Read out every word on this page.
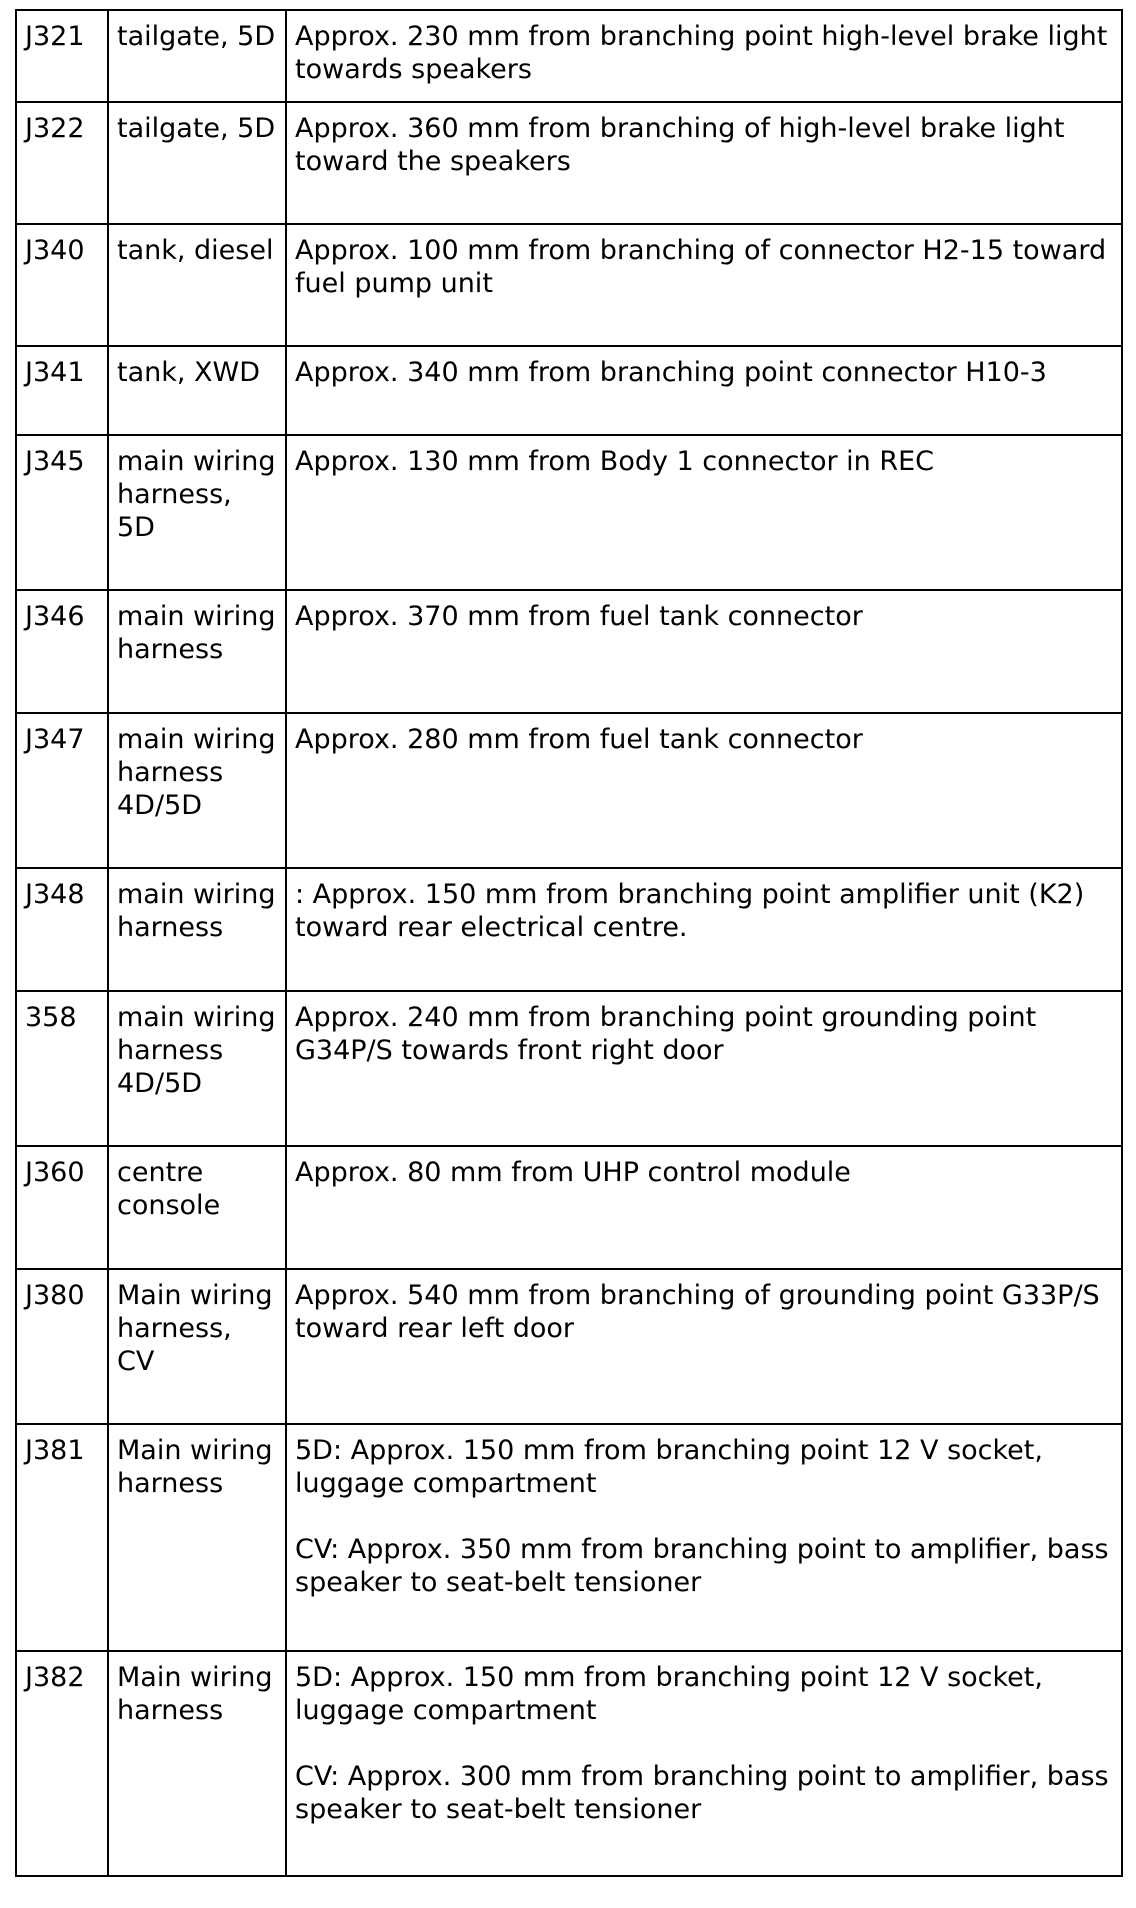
J321	tailgate, 5D	Approx. 230 mm from branching point high-level brake light towards speakers

J322	tailgate, 5D	Approx. 360 mm from branching of high-level brake light toward the speakers

J340	tank, diesel	Approx. 100 mm from branching of connector H2-15 toward fuel pump unit

J341	tank, XWD	Approx. 340 mm from branching point connector H10-3

J345	main wiring harness, 5D	Approx. 130 mm from Body 1 connector in REC

J346	main wiring harness	Approx. 370 mm from fuel tank connector

J347	main wiring harness 4D/5D	Approx. 280 mm from fuel tank connector

J348	main wiring harness	: Approx. 150 mm from branching point amplifier unit (K2) toward rear electrical centre.

358	main wiring harness 4D/5D	Approx. 240 mm from branching point grounding point G34P/S towards front right door

J360	centre console	Approx. 80 mm from UHP control module

J380	Main wiring harness, CV	Approx. 540 mm from branching of grounding point G33P/S toward rear left door

J381	Main wiring harness	5D: Approx. 150 mm from branching point 12 V socket, luggage compartment
CV: Approx. 350 mm from branching point to amplifier, bass speaker to seat-belt tensioner

J382	Main wiring harness	5D: Approx. 150 mm from branching point 12 V socket, luggage compartment
CV: Approx. 300 mm from branching point to amplifier, bass speaker to seat-belt tensioner
